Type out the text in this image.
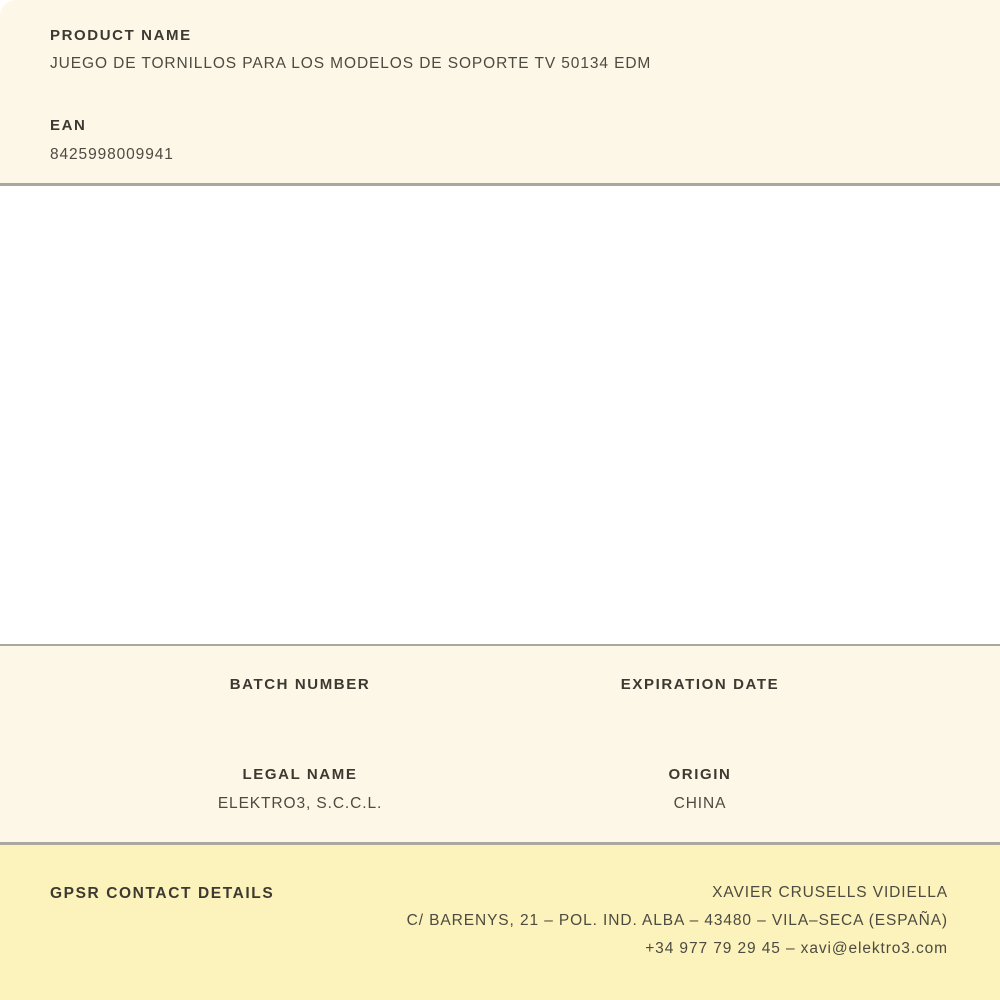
PRODUCT NAME
JUEGO DE TORNILLOS PARA LOS MODELOS DE SOPORTE TV 50134 EDM
EAN
8425998009941
BATCH NUMBER	EXPIRATION DATE
LEGAL NAME	ORIGIN
ELEKTRO3, S.C.C.L.	CHINA
GPSR CONTACT DETAILS	XAVIER CRUSELLS VIDIELLA
C/ BARENYS, 21 – POL. IND. ALBA – 43480 – VILA–SECA (ESPAÑA)
+34 977 79 29 45 – xavi@elektro3.com
